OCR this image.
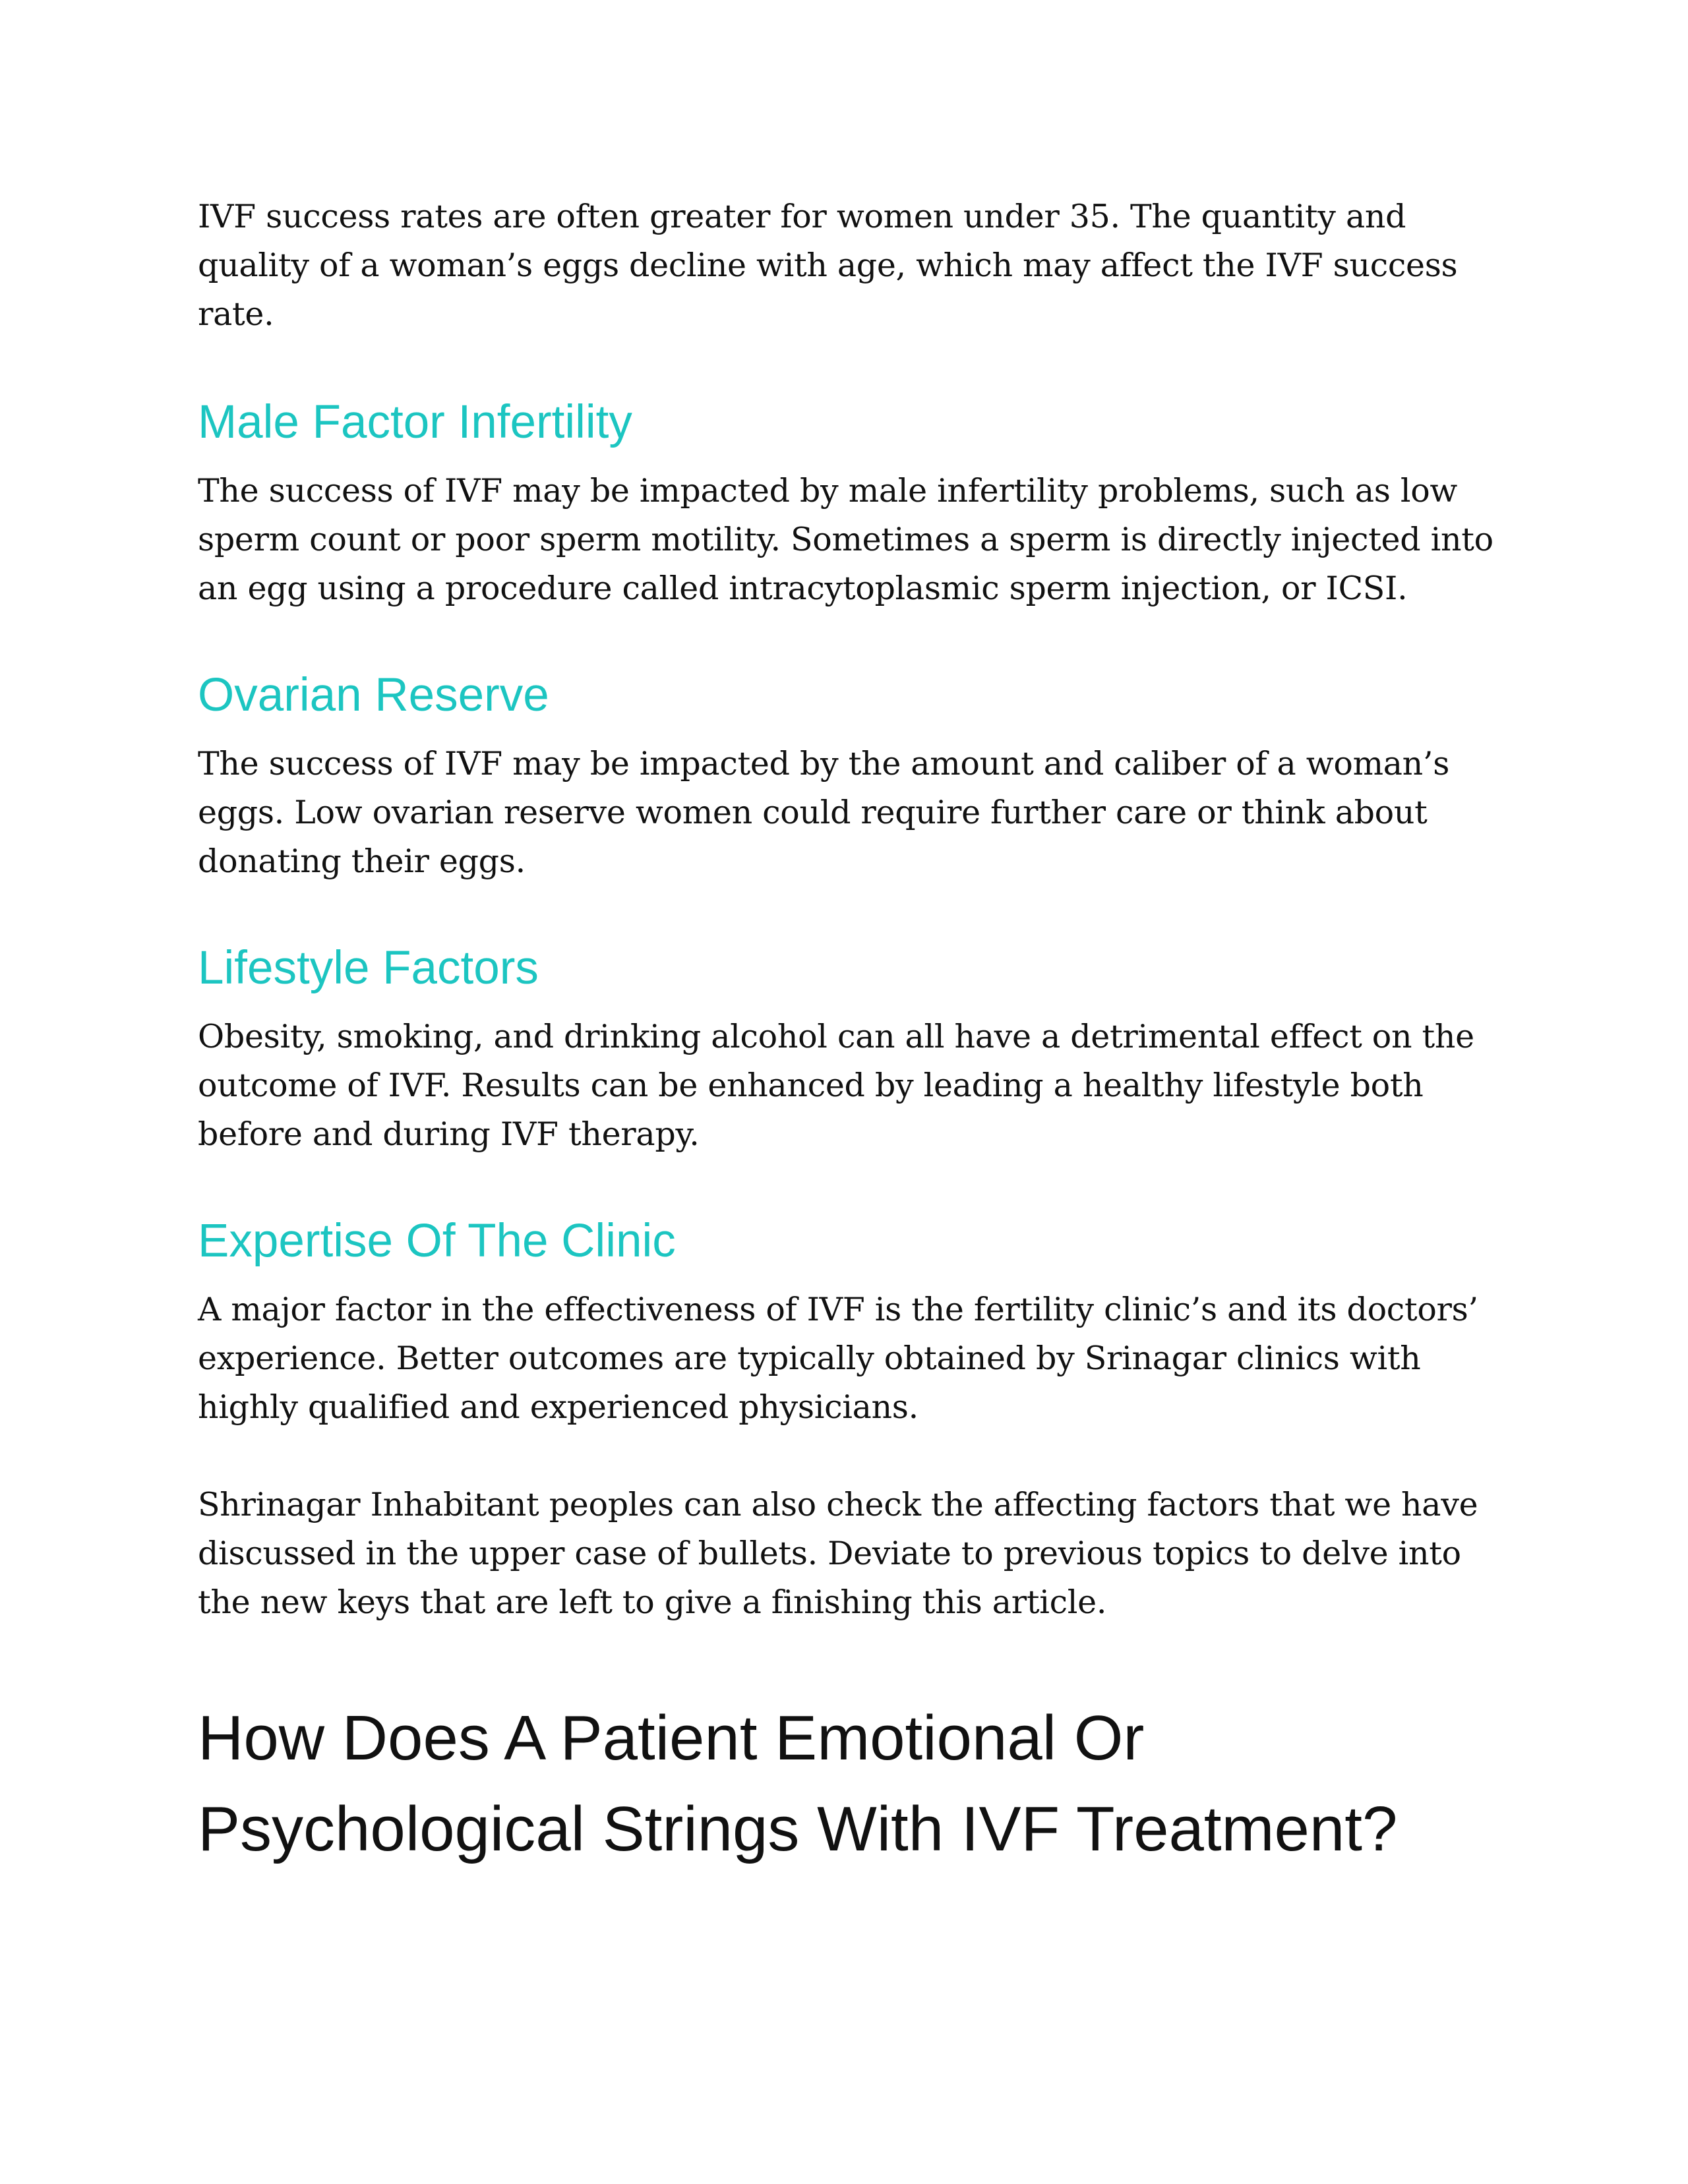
IVF success rates are often greater for women under 35. The quantity and quality of a woman’s eggs decline with age, which may affect the IVF success rate.

Male Factor Infertility

The success of IVF may be impacted by male infertility problems, such as low sperm count or poor sperm motility. Sometimes a sperm is directly injected into an egg using a procedure called intracytoplasmic sperm injection, or ICSI.

Ovarian Reserve

The success of IVF may be impacted by the amount and caliber of a woman’s eggs. Low ovarian reserve women could require further care or think about donating their eggs.

Lifestyle Factors

Obesity, smoking, and drinking alcohol can all have a detrimental effect on the outcome of IVF. Results can be enhanced by leading a healthy lifestyle both before and during IVF therapy.

Expertise Of The Clinic

A major factor in the effectiveness of IVF is the fertility clinic’s and its doctors’ experience. Better outcomes are typically obtained by Srinagar clinics with highly qualified and experienced physicians.

Shrinagar Inhabitant peoples can also check the affecting factors that we have discussed in the upper case of bullets. Deviate to previous topics to delve into the new keys that are left to give a finishing this article.

How Does A Patient Emotional Or
Psychological Strings With IVF Treatment?
